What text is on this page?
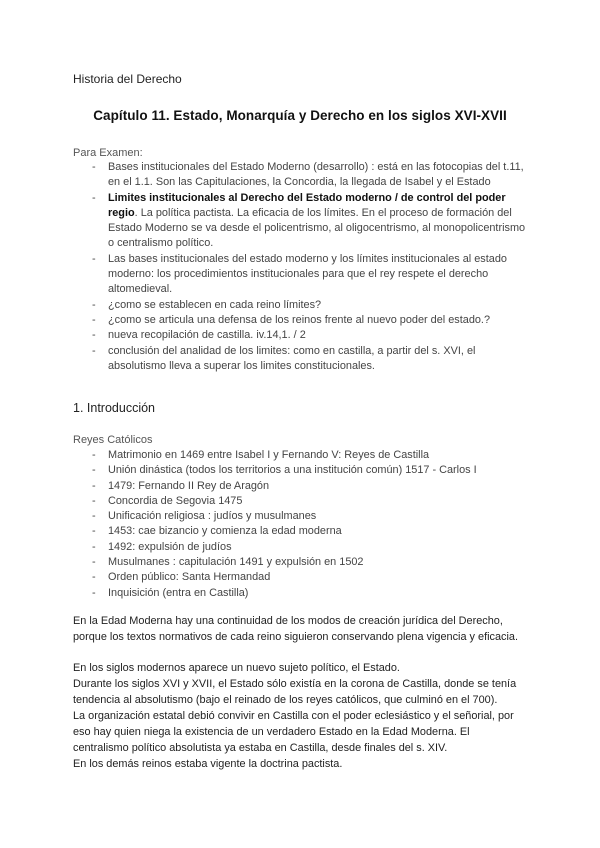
Historia del Derecho
Capítulo 11. Estado, Monarquía y Derecho en los siglos XVI-XVII
Para Examen:
- Bases institucionales del Estado Moderno (desarrollo) : está en las fotocopias del t.11, en el 1.1. Son las Capitulaciones, la Concordia, la llegada de Isabel y el Estado
- Limites institucionales al Derecho del Estado moderno / de control del poder regio. La política pactista. La eficacia de los límites. En el proceso de formación del Estado Moderno se va desde el policentrismo, al oligocentrismo, al monopolicentrismo o centralismo político.
- Las bases institucionales del estado moderno y los límites institucionales al estado moderno: los procedimientos institucionales para que el rey respete el derecho altomedieval.
- ¿como se establecen en cada reino límites?
- ¿como se articula una defensa de los reinos frente al nuevo poder del estado.?
- nueva recopilación de castilla. iv.14,1. / 2
- conclusión del analidad de los limites: como en castilla, a partir del s. XVI, el absolutismo lleva a superar los limites constitucionales.
1. Introducción
Reyes Católicos
- Matrimonio en 1469 entre Isabel I y Fernando V: Reyes de Castilla
- Unión dinástica (todos los territorios a una institución común) 1517 - Carlos I
- 1479: Fernando II Rey de Aragón
- Concordia de Segovia 1475
- Unificación religiosa : judíos y musulmanes
- 1453: cae bizancio y comienza la edad moderna
- 1492: expulsión de judíos
- Musulmanes : capitulación 1491 y expulsión en 1502
- Orden público: Santa Hermandad
- Inquisición (entra en Castilla)

En la Edad Moderna hay una continuidad de los modos de creación jurídica del Derecho,
porque los textos normativos de cada reino siguieron conservando plena vigencia y eficacia.

En los siglos modernos aparece un nuevo sujeto político, el Estado.
Durante los siglos XVI y XVII, el Estado sólo existía en la corona de Castilla, donde se tenía
tendencia al absolutismo (bajo el reinado de los reyes católicos, que culminó en el 700).
La organización estatal debió convivir en Castilla con el poder eclesiástico y el señorial, por
eso hay quien niega la existencia de un verdadero Estado en la Edad Moderna. El
centralismo político absolutista ya estaba en Castilla, desde finales del s. XIV.
En los demás reinos estaba vigente la doctrina pactista.
